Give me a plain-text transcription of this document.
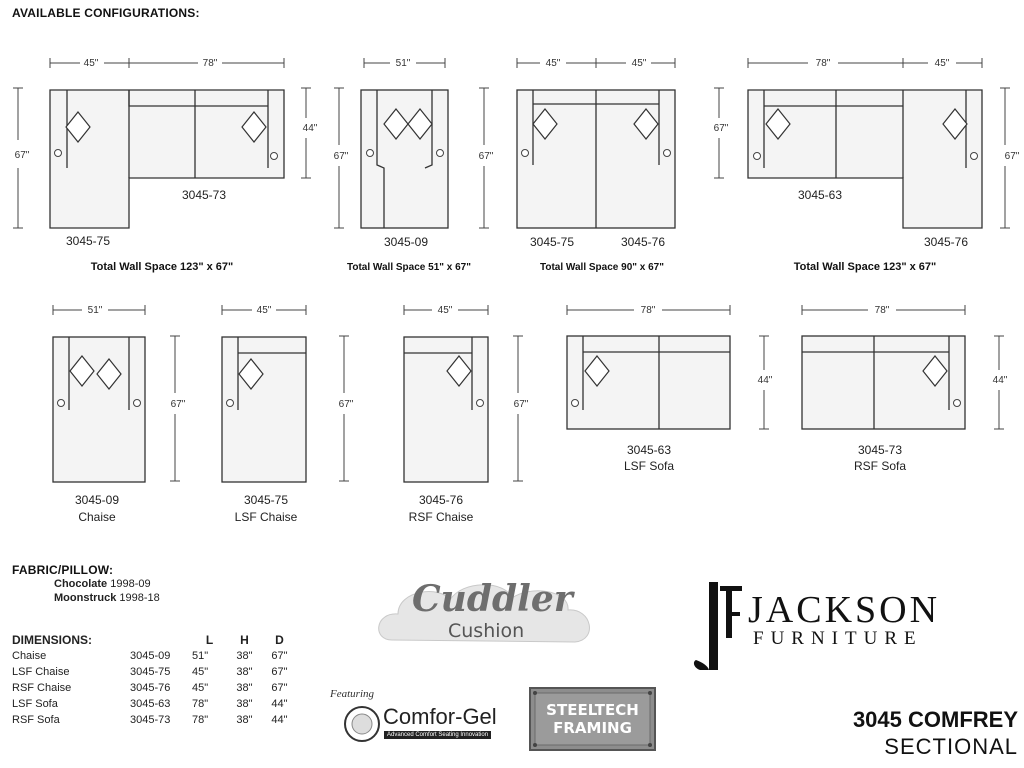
45"	78"
67"
44"
51"
67"	67"
45"	45"	78"	45"
67"
67"
51"
67"
45"
67"
45"
67"
78"
44"
78"
44"
3045-75
3045-73
3045-09	3045-75	3045-76
3045-63
3045-76
3045-09
Chaise
3045-75
LSF Chaise
3045-76
RSF Chaise
3045-63
LSF Sofa
3045-73
RSF Sofa
Total Wall Space 123" x 67"	Total Wall Space 51" x 67"	Total Wall Space 90" x 67"	Total Wall Space 123" x 67"
AVAILABLE CONFIGURATIONS:
FABRIC/PILLOW:
Chocolate 1998-09
Moonstruck 1998-18
DIMENSIONS:		L	H	D
Chaise	3045-09	51"	38"	67"
LSF Chaise	3045-75	45"	38"	67"
RSF Chaise	3045-76	45"	38"	67"
LSF Sofa	3045-63	78"	38"	44"
RSF Sofa	3045-73	78"	38"	44"
Cuddler
Cushion	JACKSON
FURNITURE
Featuring
Comfor-Gel
Advanced Comfort Seating Innovation
STEELTECH
FRAMING	3045 COMFREY
SECTIONAL
